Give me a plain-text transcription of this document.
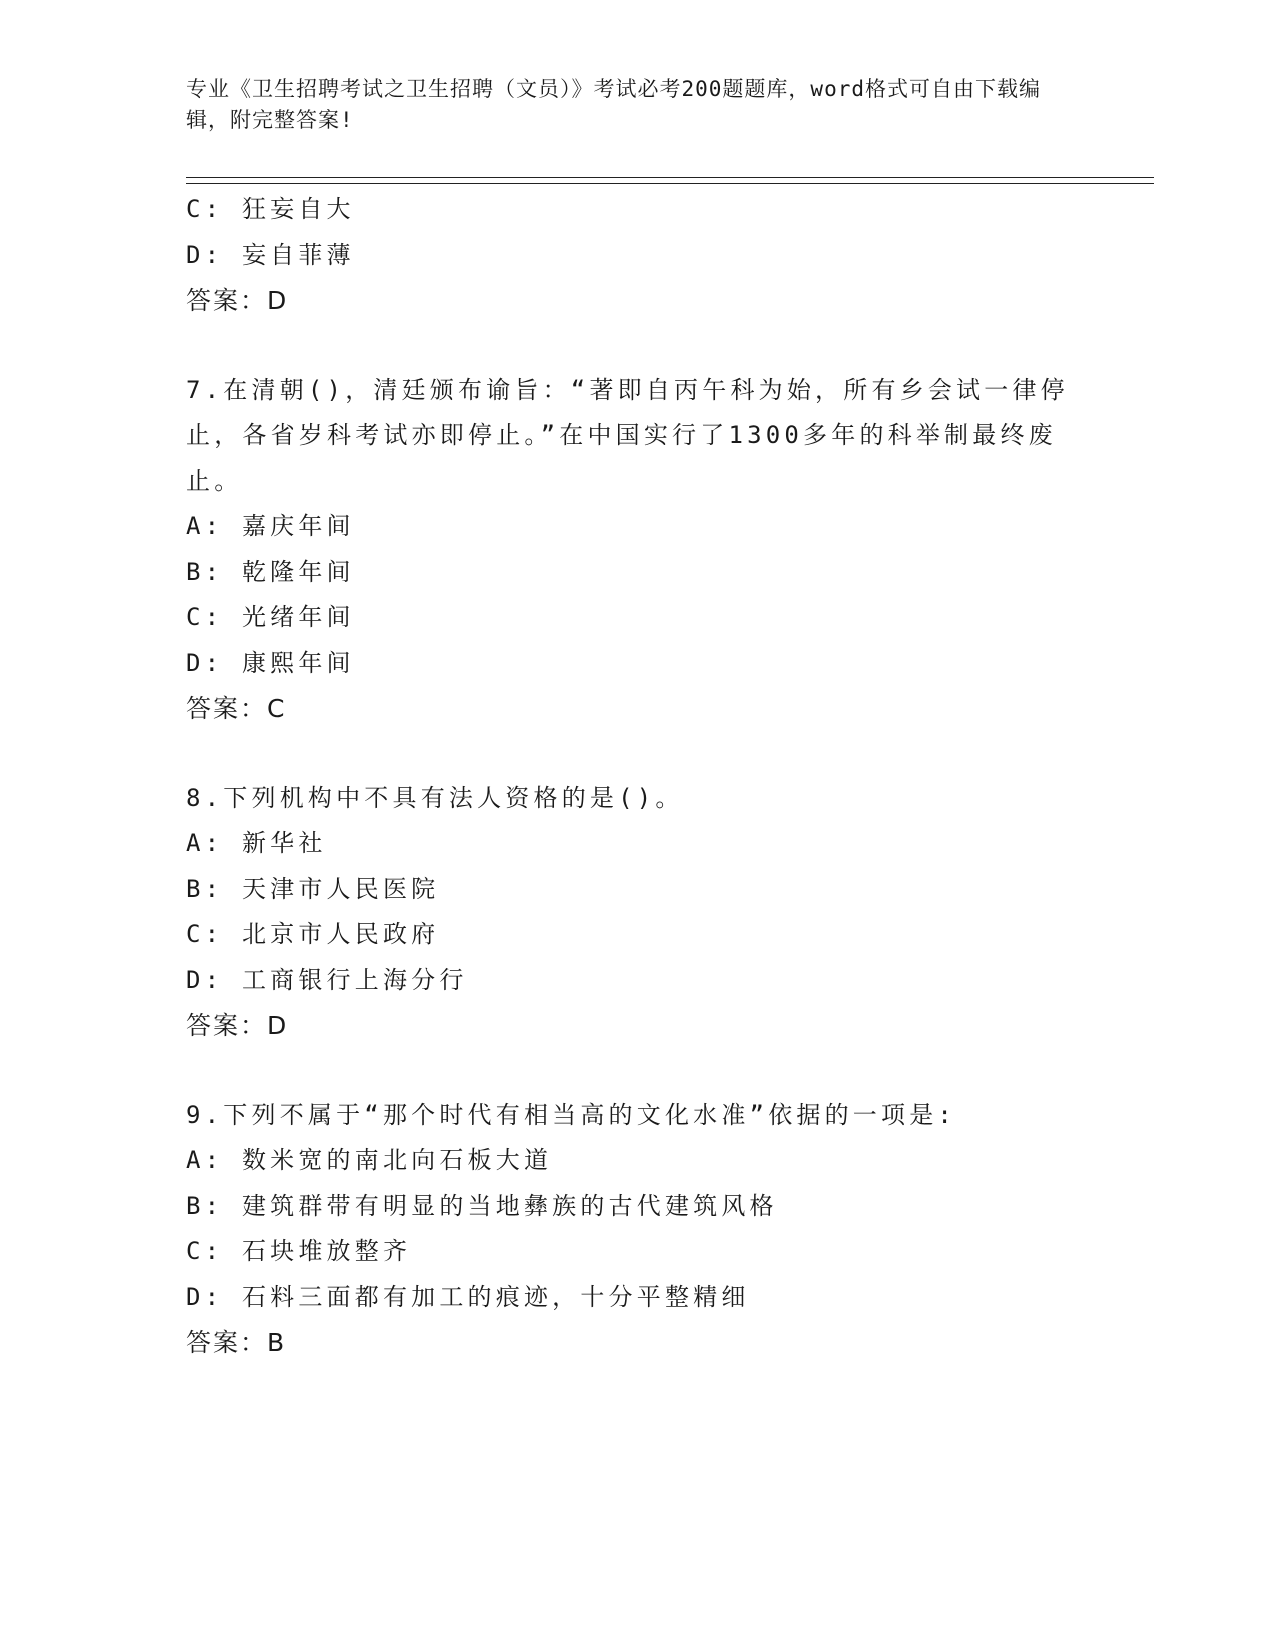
专业《卫生招聘考试之卫生招聘（文员）》考试必考200题题库，word格式可自由下载编辑，附完整答案!
C: 狂妄自大
D: 妄自菲薄
答案：D
7.在清朝()，清廷颁布谕旨：“著即自丙午科为始，所有乡会试一律停止，各省岁科考试亦即停止。”在中国实行了1300多年的科举制最终废止。
A: 嘉庆年间
B: 乾隆年间
C: 光绪年间
D: 康熙年间
答案：C
8.下列机构中不具有法人资格的是()。
A: 新华社
B: 天津市人民医院
C: 北京市人民政府
D: 工商银行上海分行
答案：D
9.下列不属于“那个时代有相当高的文化水准”依据的一项是:
A: 数米宽的南北向石板大道
B: 建筑群带有明显的当地彝族的古代建筑风格
C: 石块堆放整齐
D: 石料三面都有加工的痕迹，十分平整精细
答案：B
